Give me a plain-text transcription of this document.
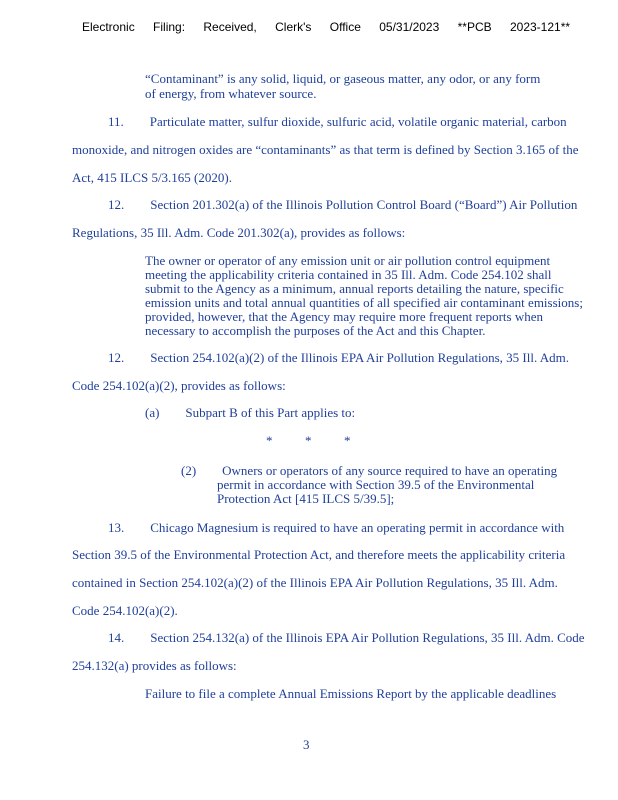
Electronic Filing: Received, Clerk's Office 05/31/2023 **PCB 2023-121**
“Contaminant” is any solid, liquid, or gaseous matter, any odor, or any form
of energy, from whatever source.
11.        Particulate matter, sulfur dioxide, sulfuric acid, volatile organic material, carbon
monoxide, and nitrogen oxides are “contaminants” as that term is defined by Section 3.165 of the
Act, 415 ILCS 5/3.165 (2020).
12.        Section 201.302(a) of the Illinois Pollution Control Board (“Board”) Air Pollution
Regulations, 35 Ill. Adm. Code 201.302(a), provides as follows:
The owner or operator of any emission unit or air pollution control equipment
meeting the applicability criteria contained in 35 Ill. Adm. Code 254.102 shall
submit to the Agency as a minimum, annual reports detailing the nature, specific
emission units and total annual quantities of all specified air contaminant emissions;
provided, however, that the Agency may require more frequent reports when
necessary to accomplish the purposes of the Act and this Chapter.
12.        Section 254.102(a)(2) of the Illinois EPA Air Pollution Regulations, 35 Ill. Adm.
Code 254.102(a)(2), provides as follows:
(a)        Subpart B of this Part applies to:
*          *          *
(2)        Owners or operators of any source required to have an operating
permit in accordance with Section 39.5 of the Environmental
Protection Act [415 ILCS 5/39.5];
13.        Chicago Magnesium is required to have an operating permit in accordance with
Section 39.5 of the Environmental Protection Act, and therefore meets the applicability criteria
contained in Section 254.102(a)(2) of the Illinois EPA Air Pollution Regulations, 35 Ill. Adm.
Code 254.102(a)(2).
14.        Section 254.132(a) of the Illinois EPA Air Pollution Regulations, 35 Ill. Adm. Code
254.132(a) provides as follows:
Failure to file a complete Annual Emissions Report by the applicable deadlines
3
